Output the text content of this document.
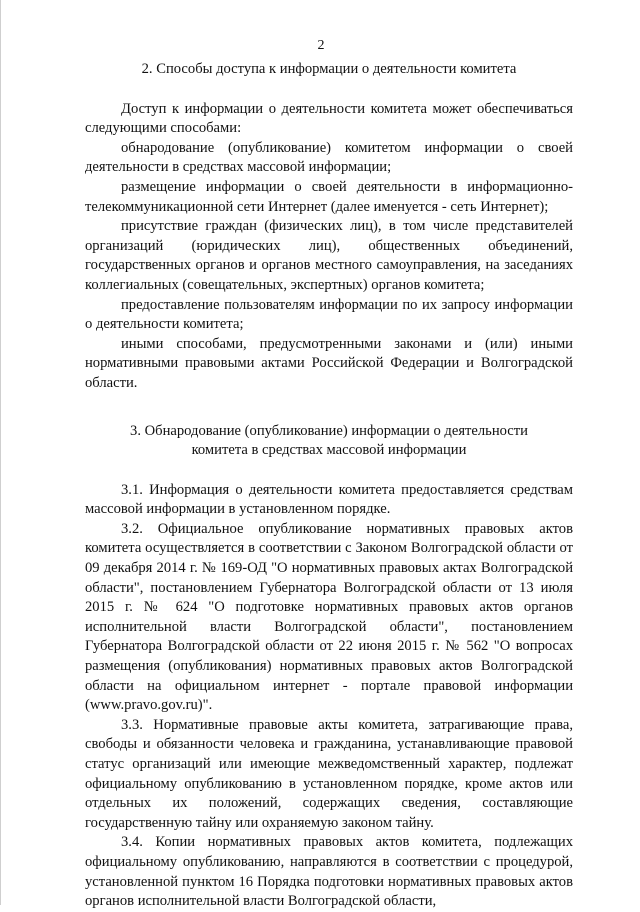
2
2. Способы доступа к информации о деятельности комитета

Доступ к информации о деятельности комитета может обеспечиваться следующими способами:

обнародование (опубликование) комитетом информации о своей деятельности в средствах массовой информации;

размещение информации о своей деятельности в информационно-телекоммуникационной сети Интернет (далее именуется - сеть Интернет);

присутствие граждан (физических лиц), в том числе представителей организаций (юридических лиц), общественных объединений, государственных органов и органов местного самоуправления, на заседаниях коллегиальных (совещательных, экспертных) органов комитета;

предоставление пользователям информации по их запросу информации о деятельности комитета;

иными способами, предусмотренными законами и (или) иными нормативными правовыми актами Российской Федерации и Волгоградской области.

3. Обнародование (опубликование) информации о деятельности
комитета в средствах массовой информации

3.1. Информация о деятельности комитета предоставляется средствам массовой информации в установленном порядке.

3.2. Официальное опубликование нормативных правовых актов комитета осуществляется в соответствии с Законом Волгоградской области от 09 декабря 2014 г. № 169-ОД "О нормативных правовых актах Волгоградской области", постановлением Губернатора Волгоградской области от 13 июля 2015 г. № 624 "О подготовке нормативных правовых актов органов исполнительной власти Волгоградской области", постановлением Губернатора Волгоградской области от 22 июня 2015 г. № 562 "О вопросах размещения (опубликования) нормативных правовых актов Волгоградской области на официальном интернет - портале правовой информации (www.pravo.gov.ru)".

3.3. Нормативные правовые акты комитета, затрагивающие права, свободы и обязанности человека и гражданина, устанавливающие правовой статус организаций или имеющие межведомственный характер, подлежат официальному опубликованию в установленном порядке, кроме актов или отдельных их положений, содержащих сведения, составляющие государственную тайну или охраняемую законом тайну.

3.4. Копии нормативных правовых актов комитета, подлежащих официальному опубликованию, направляются в соответствии с процедурой, установленной пунктом 16 Порядка подготовки нормативных правовых актов органов исполнительной власти Волгоградской области,
